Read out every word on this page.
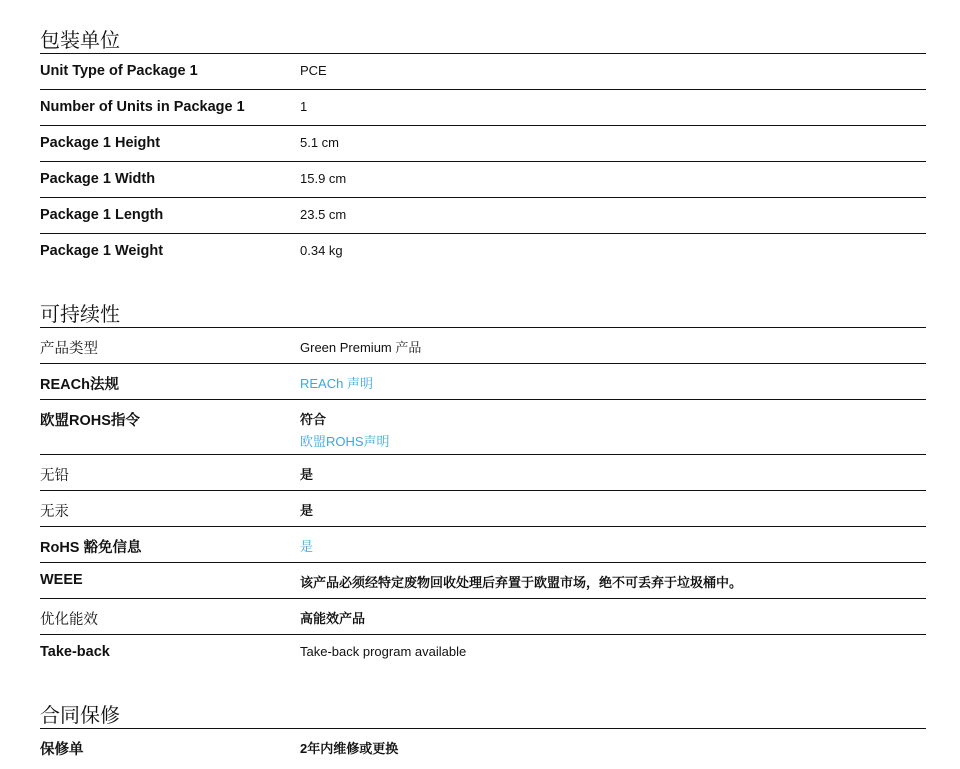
包装单位
Unit Type of Package 1	PCE
Number of Units in Package 1	1
Package 1 Height	5.1 cm
Package 1 Width	15.9 cm
Package 1 Length	23.5 cm
Package 1 Weight	0.34 kg
可持续性
产品类型	Green Premium 产品
REACh法规	REACh 声明
欧盟ROHS指令	符合
欧盟ROHS声明
无铅	是
无汞	是
RoHS 豁免信息	是
WEEE	该产品必须经特定废物回收处理后弃置于欧盟市场，绝不可丢弃于垃圾桶中。
优化能效	高能效产品
Take-back	Take-back program available
合同保修
保修单	2年内维修或更换
